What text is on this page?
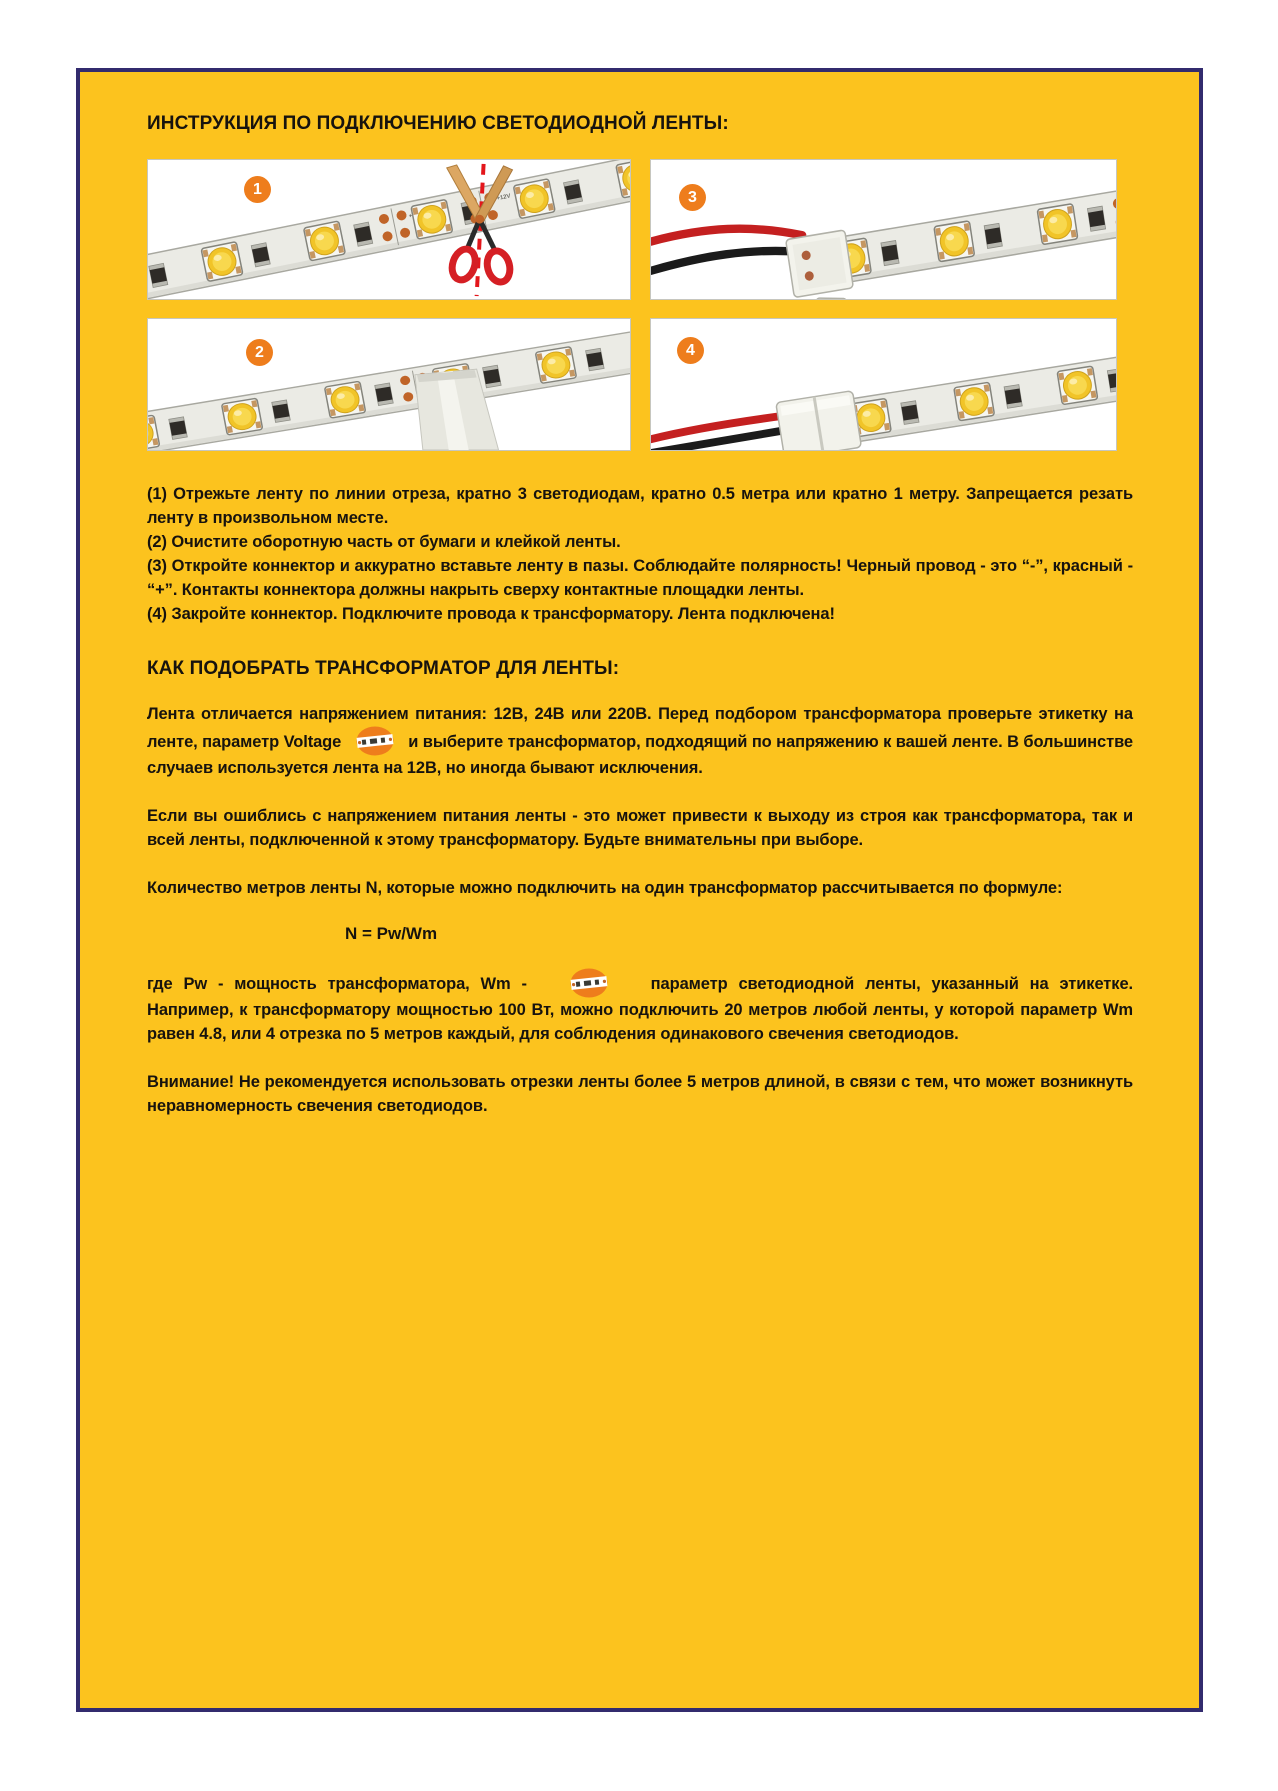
ИНСТРУКЦИЯ ПО ПОДКЛЮЧЕНИЮ СВЕТОДИОДНОЙ ЛЕНТЫ:
1	3
2	4

(1) Отрежьте ленту по линии отреза, кратно 3 светодиодам, кратно 0.5 метра или кратно 1 метру. Запрещается резать ленту в произвольном месте.

(2) Очистите оборотную часть от бумаги и клейкой ленты.

(3) Откройте коннектор и аккуратно вставьте ленту в пазы. Соблюдайте полярность! Черный провод - это “-”, красный - “+”. Контакты коннектора должны накрыть сверху контактные площадки ленты.

(4) Закройте коннектор. Подключите провода к трансформатору. Лента подключена!

КАК ПОДОБРАТЬ ТРАНСФОРМАТОР ДЛЯ ЛЕНТЫ:

Лента отличается напряжением питания: 12В, 24В или 220В. Перед подбором трансформатора проверьте этикетку на ленте, параметр Voltage	и выберите трансформатор, подходящий по напряжению к вашей ленте. В большинстве случаев используется лента на 12В, но иногда бывают исключения.

Если вы ошиблись с напряжением питания ленты - это может привести к выходу из строя как трансформатора, так и всей ленты, подключенной к этому трансформатору. Будьте внимательны при выборе.

Количество метров ленты N, которые можно подключить на один трансформатор рассчитывается по формуле:

N = Pw/Wm

где Pw - мощность трансформатора, Wm -	параметр светодиодной ленты, указанный на этикетке. Например, к трансформатору мощностью 100 Вт, можно подключить 20 метров любой ленты, у которой параметр Wm равен 4.8, или 4 отрезка по 5 метров каждый, для соблюдения одинакового свечения светодиодов.

Внимание! Не рекомендуется использовать отрезки ленты более 5 метров длиной, в связи с тем, что может возникнуть неравномерность свечения светодиодов.
